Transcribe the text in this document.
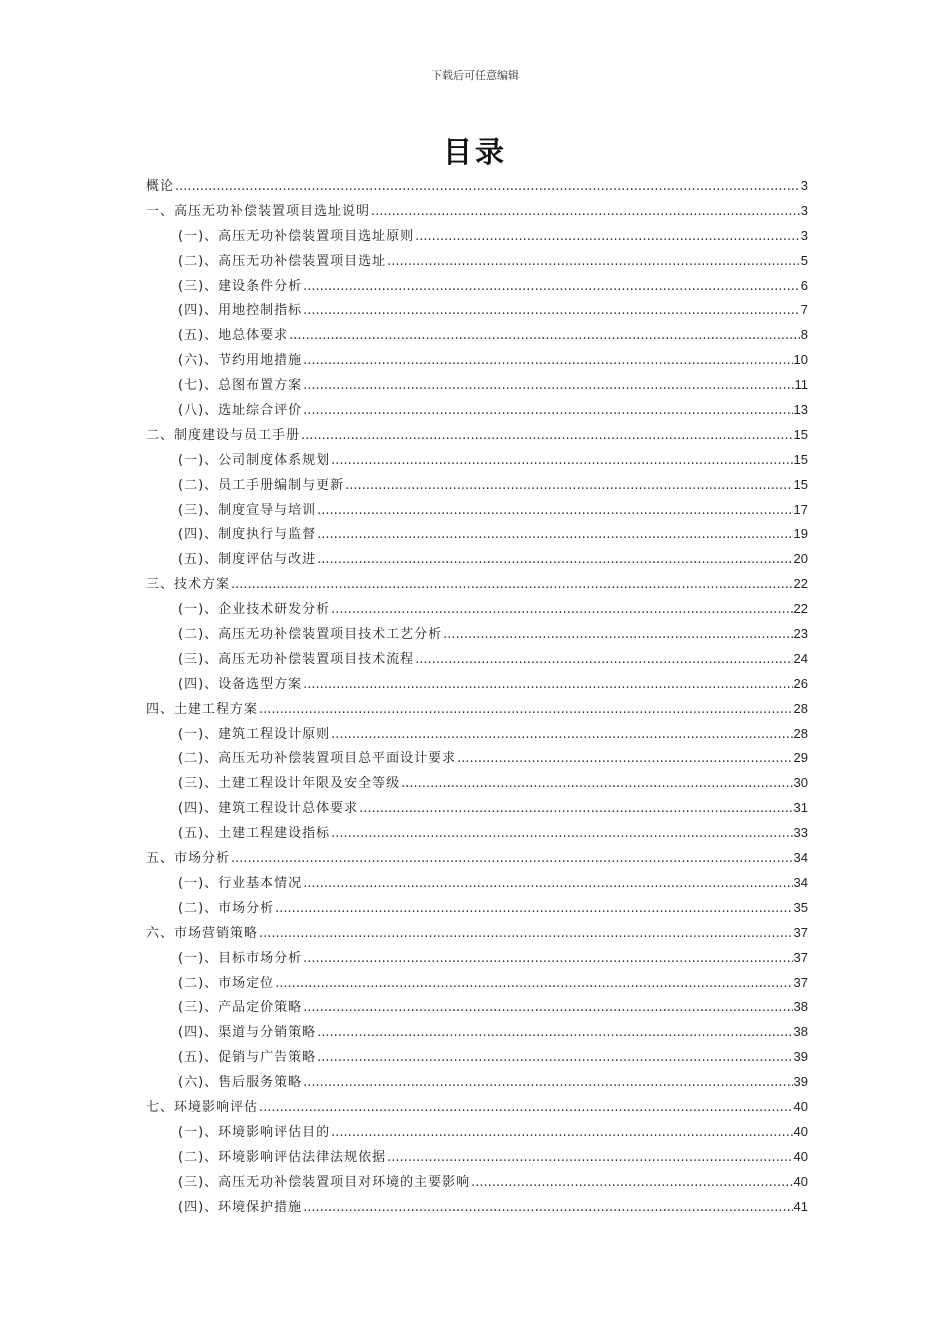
下载后可任意编辑
目录
概论 .....	3
一、高压无功补偿装置项目选址说明 .....	3
(一)、高压无功补偿装置项目选址原则 .....	3
(二)、高压无功补偿装置项目选址 .....	5
(三)、建设条件分析 .....	6
(四)、用地控制指标 .....	7
(五)、地总体要求 .....	8
(六)、节约用地措施 .....	10
(七)、总图布置方案 .....	11
(八)、选址综合评价 .....	13
二、制度建设与员工手册 .....	15
(一)、公司制度体系规划 .....	15
(二)、员工手册编制与更新 .....	15
(三)、制度宣导与培训 .....	17
(四)、制度执行与监督 .....	19
(五)、制度评估与改进 .....	20
三、技术方案 .....	22
(一)、企业技术研发分析 .....	22
(二)、高压无功补偿装置项目技术工艺分析 .....	23
(三)、高压无功补偿装置项目技术流程 .....	24
(四)、设备选型方案 .....	26
四、土建工程方案 .....	28
(一)、建筑工程设计原则 .....	28
(二)、高压无功补偿装置项目总平面设计要求 .....	29
(三)、土建工程设计年限及安全等级 .....	30
(四)、建筑工程设计总体要求 .....	31
(五)、土建工程建设指标 .....	33
五、市场分析 .....	34
(一)、行业基本情况 .....	34
(二)、市场分析 .....	35
六、市场营销策略 .....	37
(一)、目标市场分析 .....	37
(二)、市场定位 .....	37
(三)、产品定价策略 .....	38
(四)、渠道与分销策略 .....	38
(五)、促销与广告策略 .....	39
(六)、售后服务策略 .....	39
七、环境影响评估 .....	40
(一)、环境影响评估目的 .....	40
(二)、环境影响评估法律法规依据 .....	40
(三)、高压无功补偿装置项目对环境的主要影响 .....	40
(四)、环境保护措施 .....	41
